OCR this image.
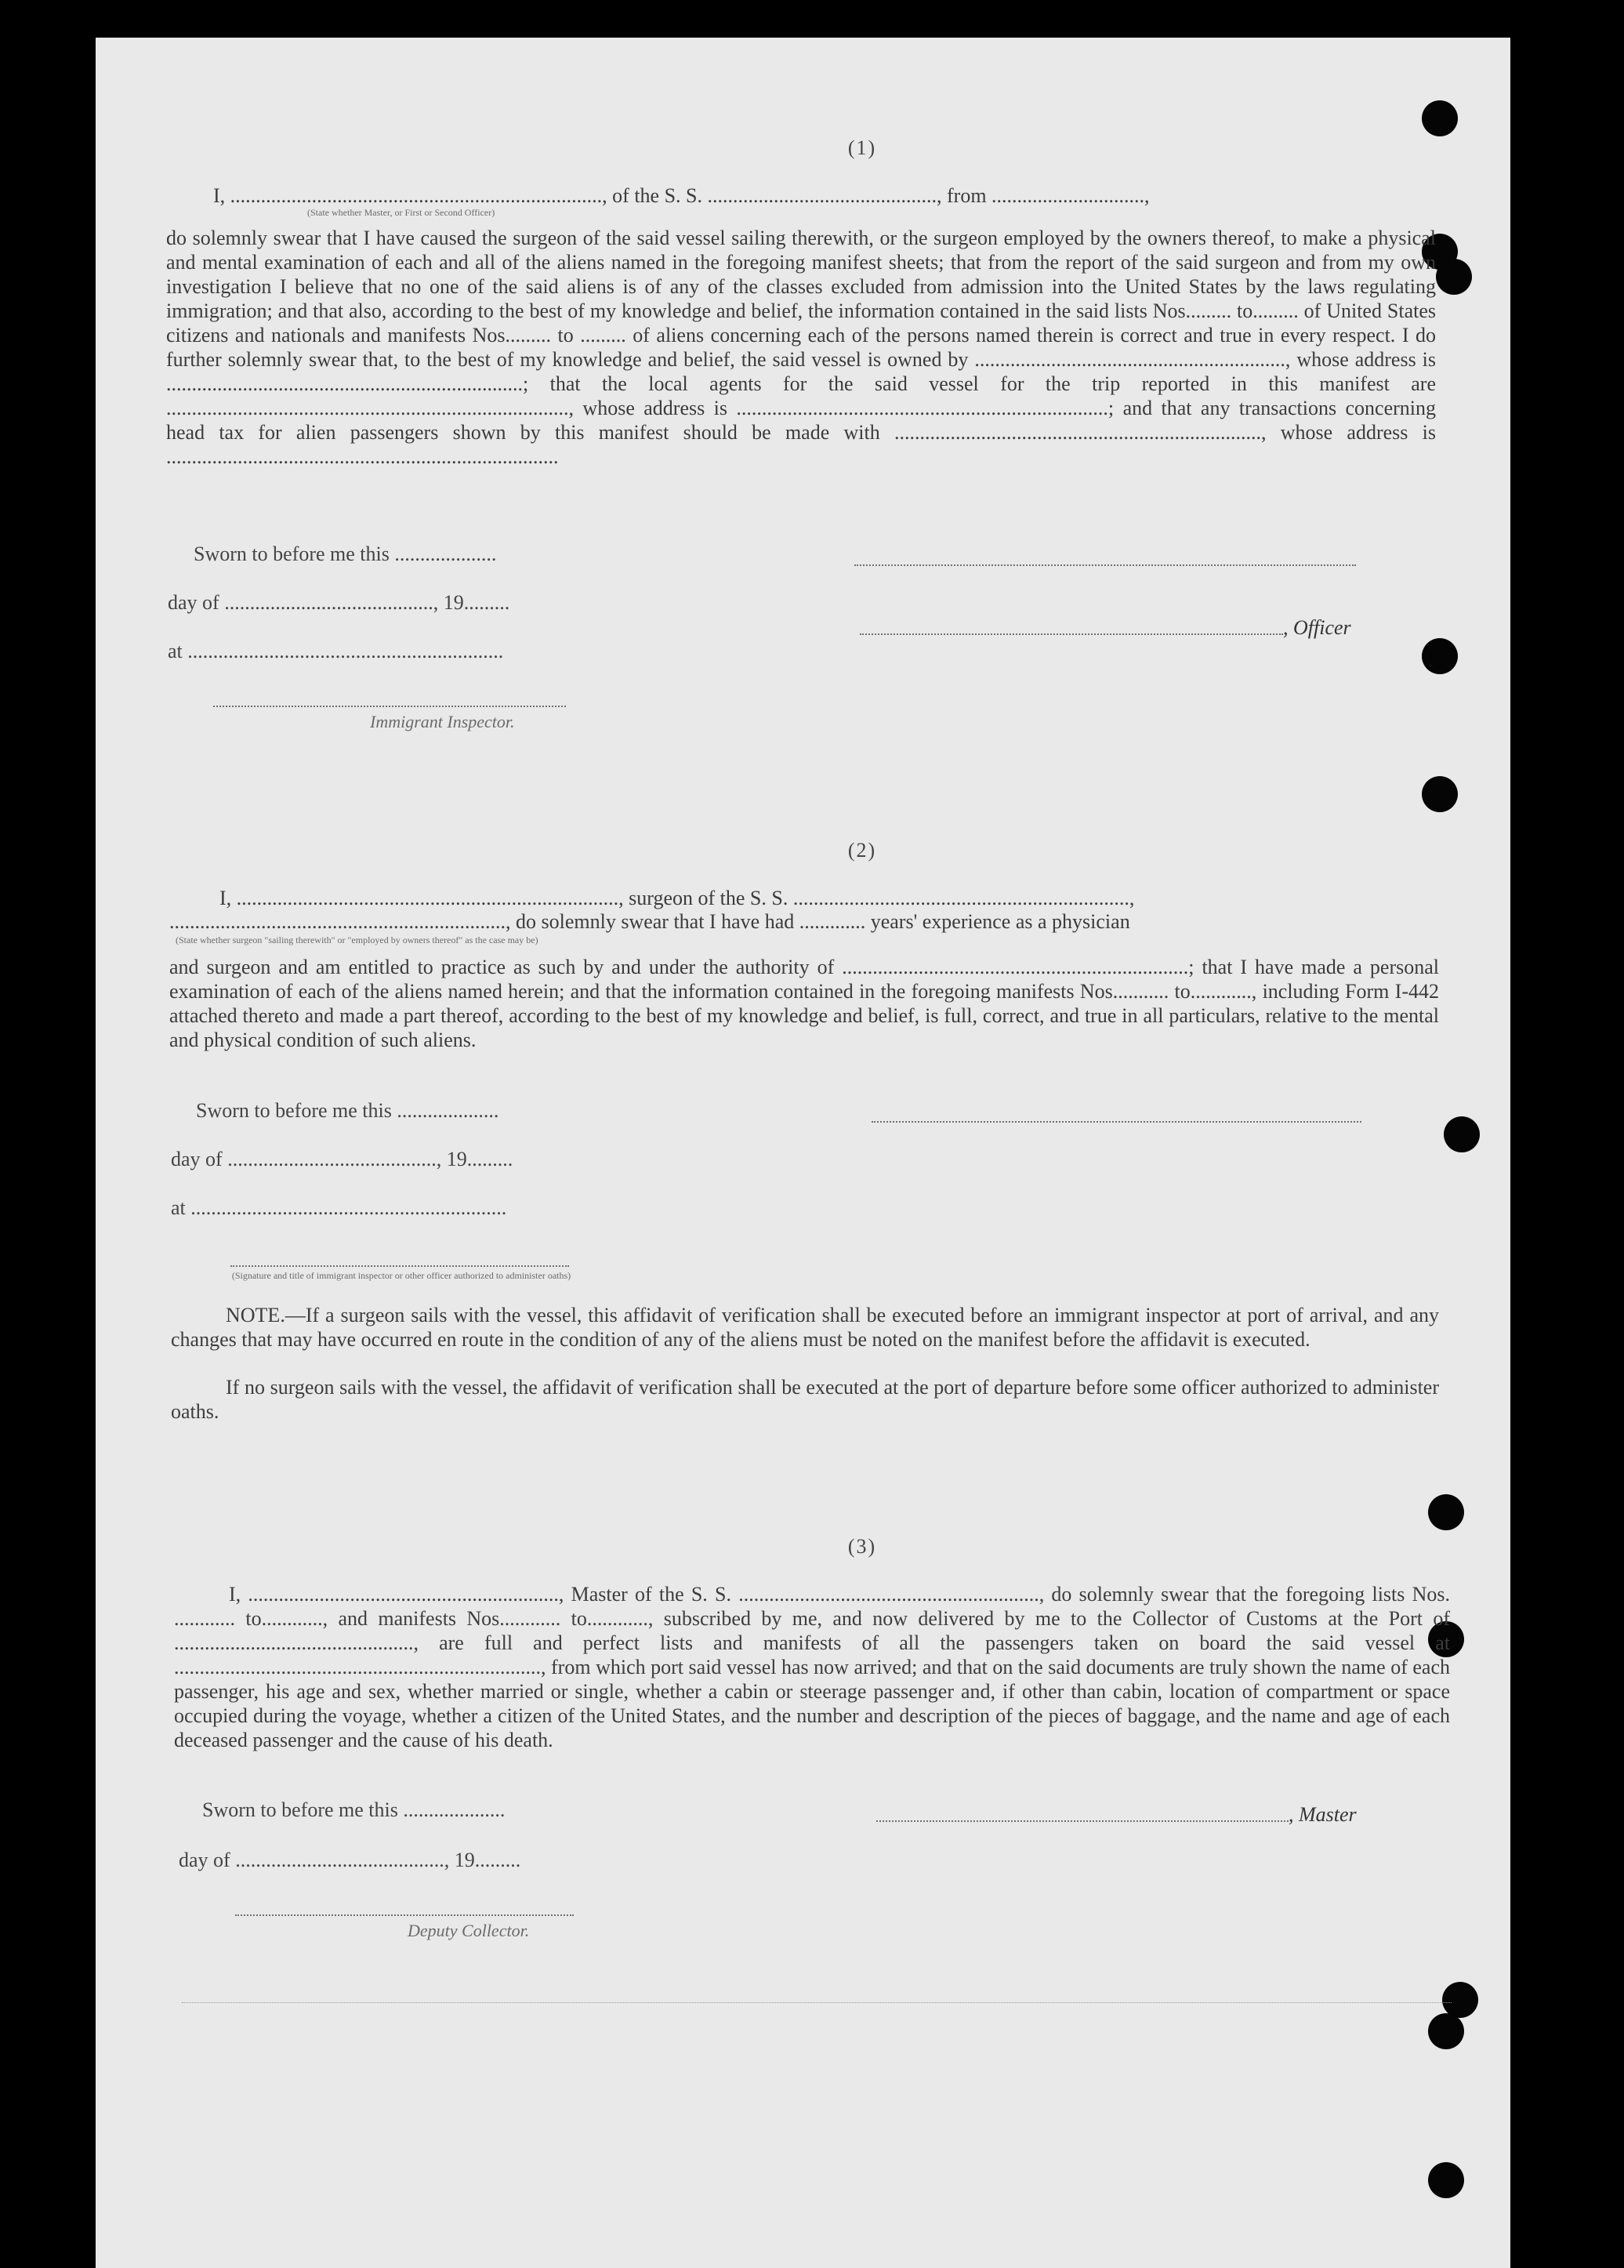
(1)
I, ........................................................................., of the S. S. ............................................., from ..............................,
(State whether Master, or First or Second Officer)
do solemnly swear that I have caused the surgeon of the said vessel sailing therewith, or the surgeon employed by the owners thereof, to make a physical and mental examination of each and all of the aliens named in the foregoing manifest sheets; that from the report of the said surgeon and from my own investigation I believe that no one of the said aliens is of any of the classes excluded from admission into the United States by the laws regulating immigration; and that also, according to the best of my knowledge and belief, the information contained in the said lists Nos......... to......... of United States citizens and nationals and manifests Nos......... to ......... of aliens concerning each of the persons named therein is correct and true in every respect. I do further solemnly swear that, to the best of my knowledge and belief, the said vessel is owned by ............................................................., whose address is ......................................................................; that the local agents for the said vessel for the trip reported in this manifest are ..............................................................................., whose address is .........................................................................; and that any transactions concerning head tax for alien passengers shown by this manifest should be made with ........................................................................, whose address is .............................................................................
Sworn to before me this ....................
day of ........................................., 19.........
, Officer
at ..............................................................
Immigrant Inspector.
(2)
I, ..........................................................................., surgeon of the S. S. ..................................................................,
.................................................................., do solemnly swear that I have had ............. years' experience as a physician
(State whether surgeon "sailing therewith" or "employed by owners thereof" as the case may be)
and surgeon and am entitled to practice as such by and under the authority of ....................................................................; that I have made a personal examination of each of the aliens named herein; and that the information contained in the foregoing manifests Nos........... to............, including Form I-442 attached thereto and made a part thereof, according to the best of my knowledge and belief, is full, correct, and true in all particulars, relative to the mental and physical condition of such aliens.
Sworn to before me this ....................
day of ........................................., 19.........
at ..............................................................
(Signature and title of immigrant inspector or other officer authorized to administer oaths)
NOTE.—If a surgeon sails with the vessel, this affidavit of verification shall be executed before an immigrant inspector at port of arrival, and any changes that may have occurred en route in the condition of any of the aliens must be noted on the manifest before the affidavit is executed.
If no surgeon sails with the vessel, the affidavit of verification shall be executed at the port of departure before some officer authorized to administer oaths.
(3)
I, ............................................................., Master of the S. S. ..........................................................., do solemnly swear that the foregoing lists Nos. ............ to............, and manifests Nos............ to............, subscribed by me, and now delivered by me to the Collector of Customs at the Port of ..............................................., are full and perfect lists and manifests of all the passengers taken on board the said vessel at ........................................................................, from which port said vessel has now arrived; and that on the said documents are truly shown the name of each passenger, his age and sex, whether married or single, whether a cabin or steerage passenger and, if other than cabin, location of compartment or space occupied during the voyage, whether a citizen of the United States, and the number and description of the pieces of baggage, and the name and age of each deceased passenger and the cause of his death.
Sworn to before me this ....................	, Master
day of ........................................., 19.........
Deputy Collector.
